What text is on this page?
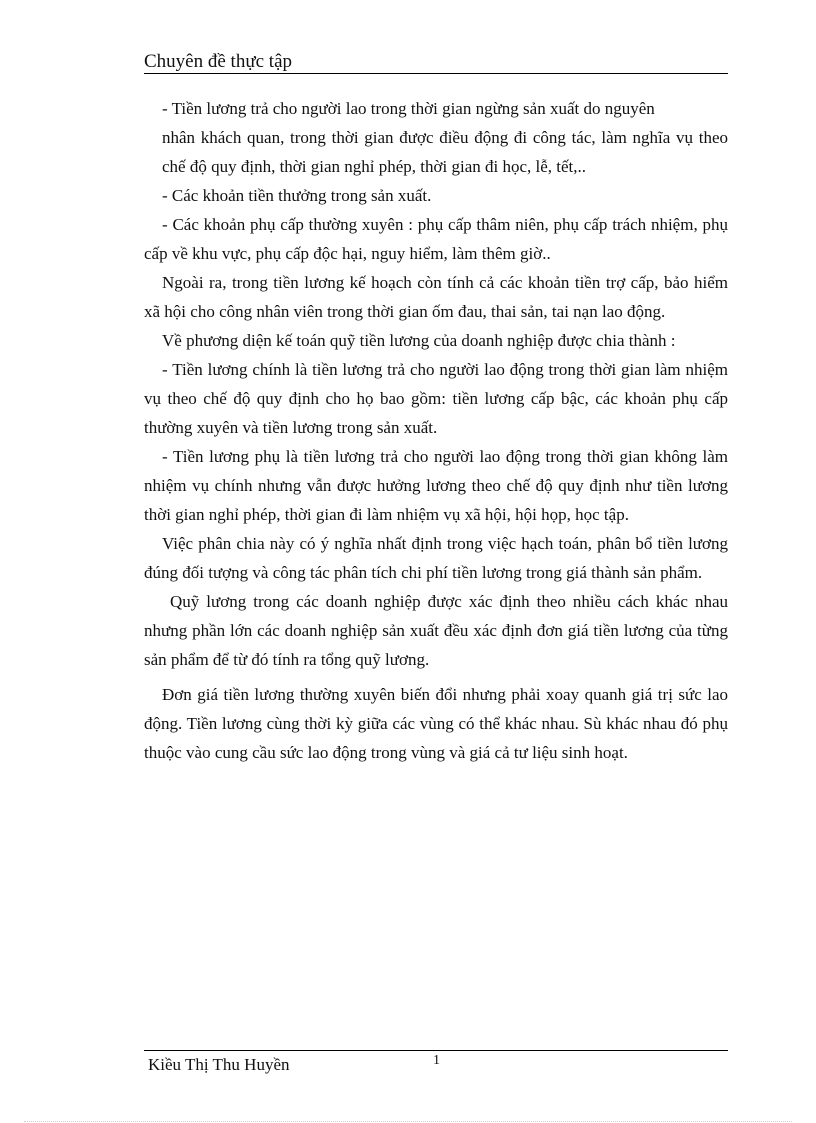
Chuyên đề thực tập

- Tiền lương trả cho người lao trong thời gian ngừng sản xuất do nguyên

nhân khách quan, trong thời gian được điều động đi công tác, làm nghĩa vụ theo chế độ quy định, thời gian nghỉ phép, thời gian đi học, lễ, tết,..

- Các khoản tiền thưởng trong sản xuất.

- Các khoản phụ cấp thường xuyên : phụ cấp thâm niên, phụ cấp trách nhiệm, phụ cấp về khu vực, phụ cấp độc hại, nguy hiểm, làm thêm giờ..

Ngoài ra, trong tiền lương kế hoạch còn tính cả các khoản tiền trợ cấp, bảo hiểm xã hội cho công nhân viên trong thời gian ốm đau, thai sản, tai nạn lao động.

Về phương diện kế toán quỹ tiền lương của doanh nghiệp được chia thành :

- Tiền lương chính là tiền lương trả cho người lao động trong thời gian làm nhiệm vụ theo chế độ quy định cho họ bao gồm: tiền lương cấp bậc, các khoản phụ cấp thường xuyên và tiền lương trong sản xuất.

- Tiền lương phụ là tiền lương trả cho người lao động trong thời gian không làm nhiệm vụ chính nhưng vẫn được hưởng lương theo chế độ quy định như tiền lương thời gian nghỉ phép, thời gian đi làm nhiệm vụ xã hội, hội họp, học tập.

Việc phân chia này có ý nghĩa nhất định trong việc hạch toán, phân bổ tiền lương đúng đối tượng và công tác phân tích chi phí tiền lương trong giá thành sản phẩm.

Quỹ lương trong các doanh nghiệp được xác định theo nhiều cách khác nhau nhưng phần lớn các doanh nghiệp sản xuất đều xác định đơn giá tiền lương của từng sản phẩm để từ đó tính ra tổng quỹ lương.

Đơn giá tiền lương thường xuyên biến đổi nhưng phải xoay quanh giá trị sức lao động. Tiền lương cùng thời kỳ giữa các vùng có thể khác nhau. Sù khác nhau đó phụ thuộc vào cung cầu sức lao động trong vùng và giá cả tư liệu sinh hoạt.

Kiều Thị Thu Huyền	1
